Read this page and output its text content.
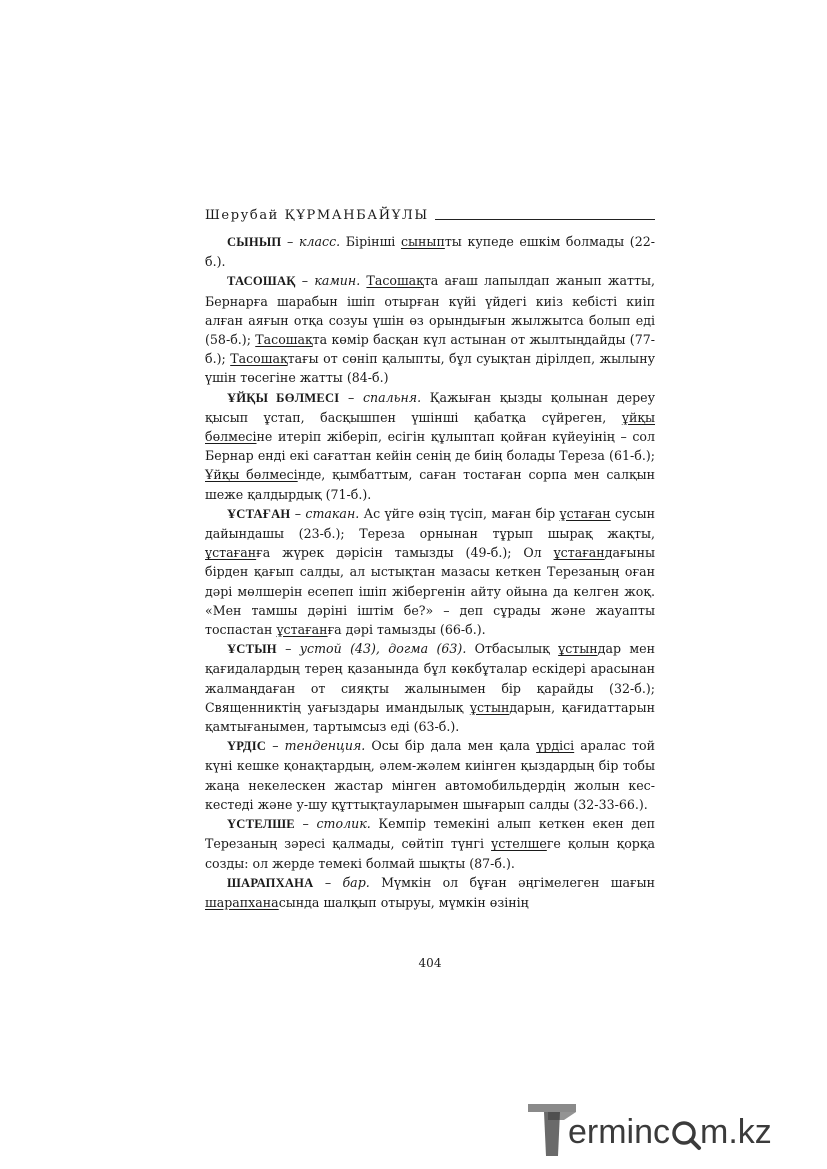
Шерубай ҚҰРМАНБАЙҰЛЫ

СЫНЫП – класс. Бірінші сыныпты купеде ешкім болмады (22-б.).

ТАСОШАҚ – камин. Тасошақта ағаш лапылдап жанып жатты, Бернарға шарабын ішіп отырған күйі үйдегі киіз кебісті киіп алған аяғын отқа созуы үшін өз орындығын жылжытса болып еді (58-б.); Тасошақта көмір басқан күл астынан от жылтыңдайды (77-б.); Тасошақтағы от сөніп қалыпты, бұл суықтан дірілдеп, жылыну үшін төсегіне жатты (84-б.)

ҰЙҚЫ БӨЛМЕСІ – спальня. Қажыған қызды қолынан дереу қысып ұстап, басқышпен үшінші қабатқа сүйреген, ұйқы бөлмесіне итеріп жіберіп, есігін құлыптап қойған күйеуінің – сол Бернар енді екі сағаттан кейін сенің де биің болады Тереза (61-б.); Ұйқы бөлмесінде, қымбаттым, саған тостаған сорпа мен салқын шеже қалдырдық (71-б.).

ҰСТАҒАН – стакан. Ас үйге өзің түсіп, маған бір ұстаған сусын дайындашы (23-б.); Тереза орнынан тұрып шырақ жақты, ұстағанға жүрек дәрісін тамызды (49-б.); Ол ұстағандағыны бірден қағып салды, ал ыстықтан мазасы кеткен Терезаның оған дәрі мөлшерін есепеп ішіп жібергенін айту ойына да келген жоқ. «Мен тамшы дәріні іштім бе?» – деп сұрады және жауапты тоспастан ұстағанға дәрі тамызды (66-б.).

ҰСТЫН – устой (43), догма (63). Отбасылық ұстындар мен қағидалардың терең қазанында бұл көкбұталар ескідері арасынан жалмаңдаған от сияқты жалынымен бір қарайды (32-б.); Священниктің уағыздары имандылық ұстындарын, қағидаттарын қамтығанымен, тартымсыз еді (63-б.).

ҮРДІС – тенденция. Осы бір дала мен қала үрдісі аралас той күні кешке қонақтардың, әлем-жәлем киінген қыздардың бір тобы жаңа некелескен жастар мінген автомобильдердің жолын кес-кестеді және у-шу құттықтауларымен шығарып салды (32-33-66.).

ҮСТЕЛШЕ – столик. Кемпір темекіні алып кеткен екен деп Терезаның зәресі қалмады, сөйтіп түнгі үстелшеге қолын қорқа созды: ол жерде темекі болмай шықты (87-б.).

ШАРАПХАНА – бар. Мүмкін ол бұған әңгімелеген шағын шарапханасында шалқып отыруы, мүмкін өзінің

404
erminc m.kz
